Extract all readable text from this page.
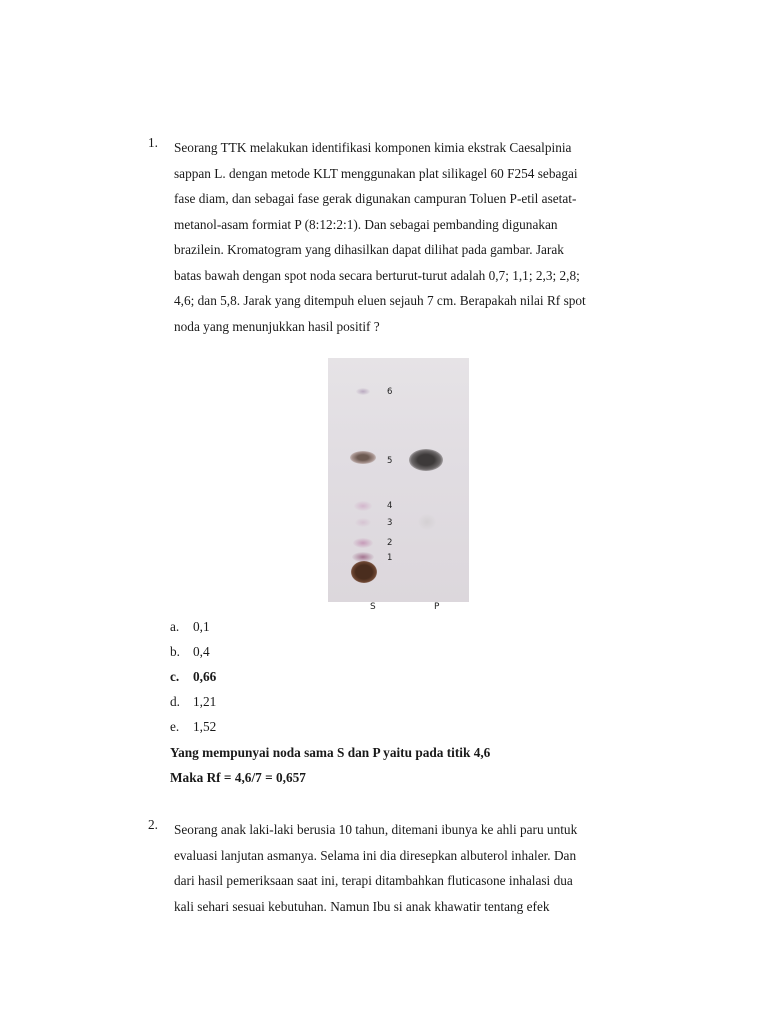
1. Seorang TTK melakukan identifikasi komponen kimia ekstrak Caesalpinia
sappan L. dengan metode KLT menggunakan plat silikagel 60 F254 sebagai
fase diam, dan sebagai fase gerak digunakan campuran Toluen P-etil asetat-
metanol-asam formiat P (8:12:2:1). Dan sebagai pembanding digunakan
brazilein. Kromatogram yang dihasilkan dapat dilihat pada gambar. Jarak
batas bawah dengan spot noda secara berturut-turut adalah 0,7; 1,1; 2,3; 2,8;
4,6; dan 5,8. Jarak yang ditempuh eluen sejauh 7 cm. Berapakah nilai Rf spot
noda yang menunjukkan hasil positif ?
6
5
4
3
2
1
S	P
a.	0,1
b. 0,4
c.	0,66
d. 1,21
e.	1,52
Yang mempunyai noda sama S dan P yaitu pada titik 4,6
Maka Rf = 4,6/7 = 0,657
2. Seorang anak laki-laki berusia 10 tahun, ditemani ibunya ke ahli paru untuk
evaluasi lanjutan asmanya. Selama ini dia diresepkan albuterol inhaler. Dan
dari hasil pemeriksaan saat ini, terapi ditambahkan fluticasone inhalasi dua
kali sehari sesuai kebutuhan. Namun Ibu si anak khawatir tentang efek
